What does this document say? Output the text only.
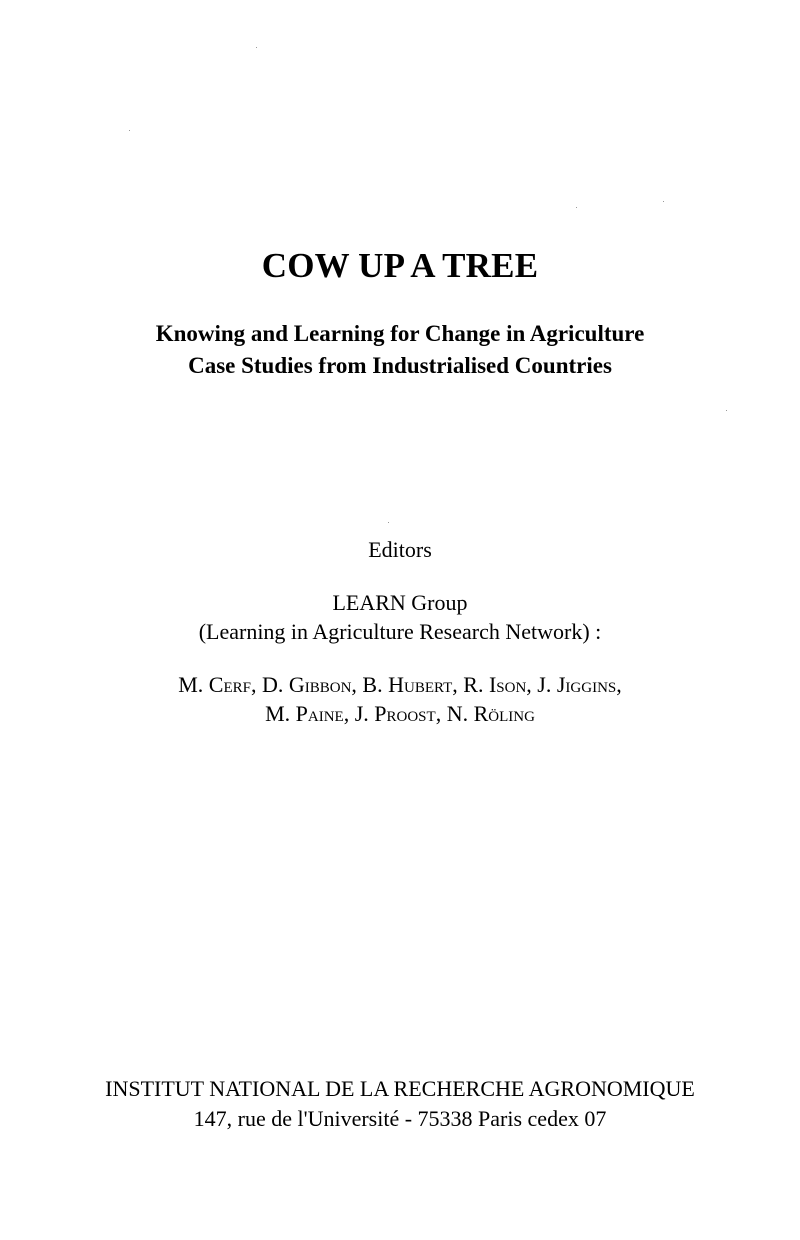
COW UP A TREE
Knowing and Learning for Change in Agriculture
Case Studies from Industrialised Countries
Editors
LEARN Group
(Learning in Agriculture Research Network) :
M. Cerf, D. Gibbon, B. Hubert, R. Ison, J. Jiggins,
M. Paine, J. Proost, N. Röling
INSTITUT NATIONAL DE LA RECHERCHE AGRONOMIQUE
147, rue de l'Université - 75338 Paris cedex 07
